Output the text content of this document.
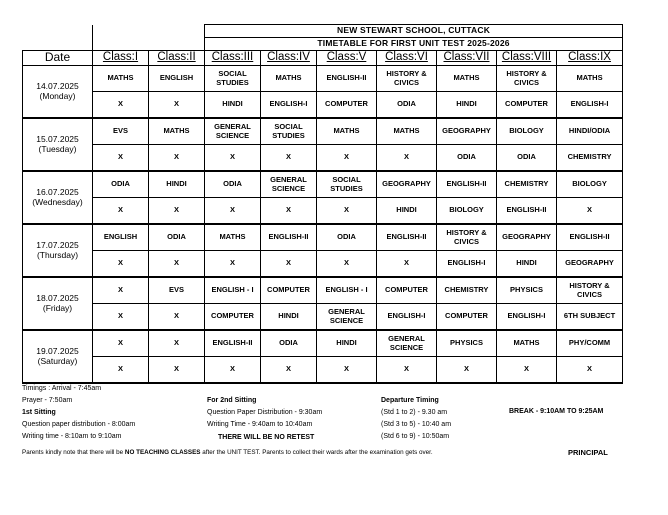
			NEW STEWART SCHOOL, CUTTACK						
			TIMETABLE FOR FIRST UNIT TEST 2025-2026						
Date	Class:I	Class:II	Class:III	Class:IV	Class:V	Class:VI	Class:VII	Class:VIII	Class:IX

14.07.2025
(Monday)	MATHS	ENGLISH	SOCIAL STUDIES	MATHS	ENGLISH-II	HISTORY & CIVICS	MATHS	HISTORY & CIVICS	MATHS
	X	X	HINDI	ENGLISH-I	COMPUTER	ODIA	HINDI	COMPUTER	ENGLISH-I

15.07.2025
(Tuesday)	EVS	MATHS	GENERAL SCIENCE	SOCIAL STUDIES	MATHS	MATHS	GEOGRAPHY	BIOLOGY	HINDI/ODIA
	X	X	X	X	X	X	ODIA	ODIA	CHEMISTRY

16.07.2025
(Wednesday)	ODIA	HINDI	ODIA	GENERAL SCIENCE	SOCIAL STUDIES	GEOGRAPHY	ENGLISH-II	CHEMISTRY	BIOLOGY
	X	X	X	X	X	HINDI	BIOLOGY	ENGLISH-II	X

17.07.2025
(Thursday)	ENGLISH	ODIA	MATHS	ENGLISH-II	ODIA	ENGLISH-II	HISTORY & CIVICS	GEOGRAPHY	ENGLISH-II
	X	X	X	X	X	X	ENGLISH-I	HINDI	GEOGRAPHY

18.07.2025
(Friday)	X	EVS	ENGLISH - I	COMPUTER	ENGLISH - I	COMPUTER	CHEMISTRY	PHYSICS	HISTORY & CIVICS
	X	X	COMPUTER	HINDI	GENERAL SCIENCE	ENGLISH-I	COMPUTER	ENGLISH-I	6TH SUBJECT

19.07.2025
(Saturday)	X	X	ENGLISH-II	ODIA	HINDI	GENERAL SCIENCE	PHYSICS	MATHS	PHY/COMM
	X	X	X	X	X	X	X	X	X
Timings : Arrival - 7:45am
Prayer - 7:50am
1st Sitting
Question paper distribution - 8:00am
Writing time - 8:10am to 9:10am
For 2nd Sitting
Question Paper Distribution - 9:30am
Writing Time - 9:40am to 10:40am
THERE WILL BE NO RETEST
Departure Timing
(Std 1 to 2) - 9.30 am
(Std 3 to 5) - 10:40 am
(Std 6 to 9) - 10:50am
BREAK - 9:10AM TO 9:25AM
Parents kindly note that there will be NO TEACHING CLASSES after the UNIT TEST. Parents to collect their wards after the examination gets over.	PRINCIPAL
